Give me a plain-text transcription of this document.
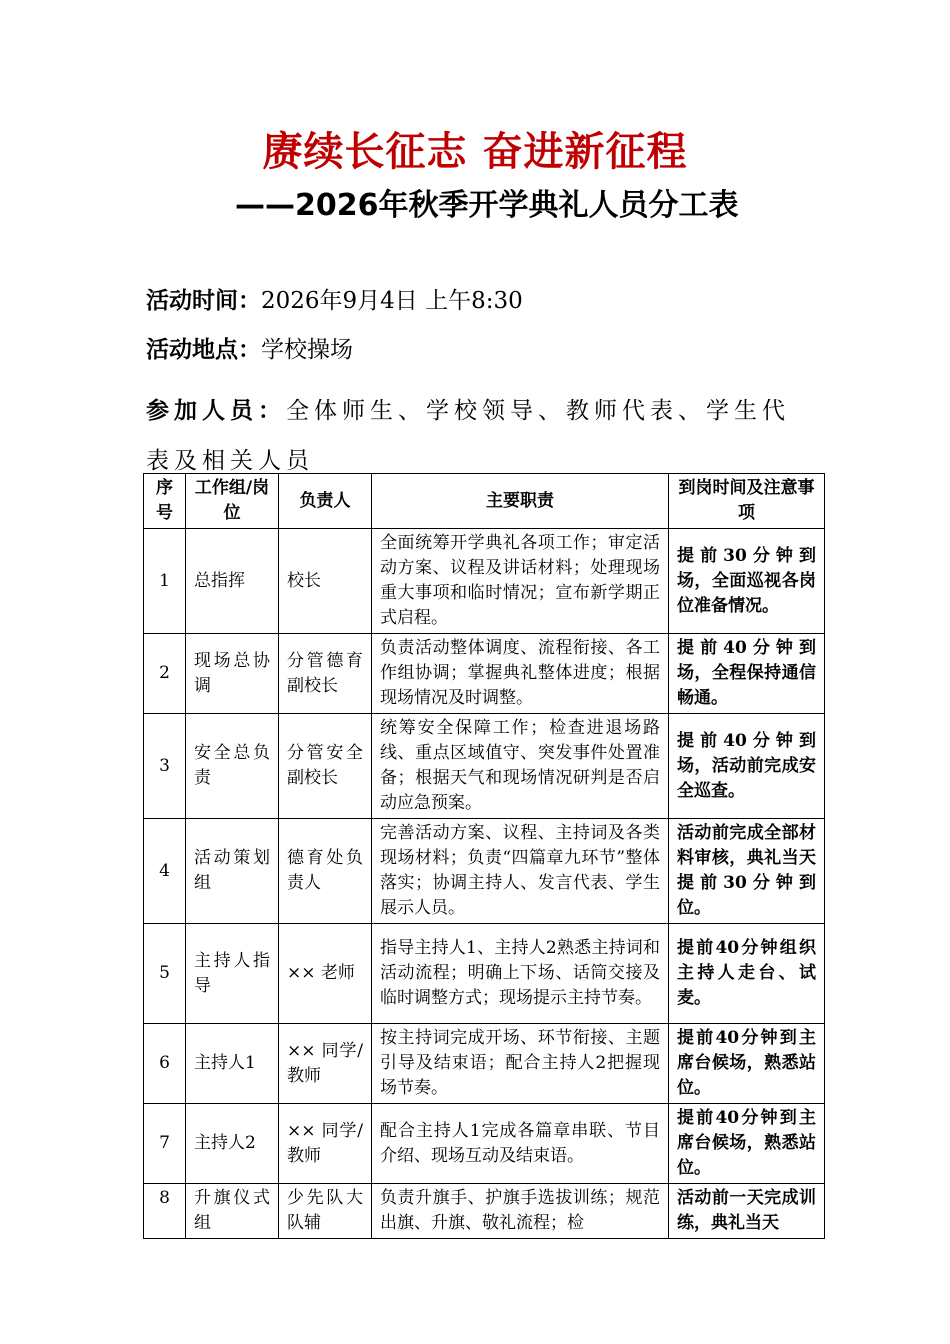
赓续长征志 奋进新征程
——2026年秋季开学典礼人员分工表
活动时间：2026年9月4日 上午8:30
活动地点：学校操场
参加人员：全体师生、学校领导、教师代表、学生代表及相关人员
序号	工作组/岗位	负责人	主要职责	到岗时间及注意事项
1	总指挥	校长	全面统筹开学典礼各项工作；审定活动方案、议程及讲话材料；处理现场重大事项和临时情况；宣布新学期正式启程。	提前30分钟到场，全面巡视各岗位准备情况。
2	现场总协调	分管德育副校长	负责活动整体调度、流程衔接、各工作组协调；掌握典礼整体进度；根据现场情况及时调整。	提前40分钟到场，全程保持通信畅通。
3	安全总负责	分管安全副校长	统筹安全保障工作；检查进退场路线、重点区域值守、突发事件处置准备；根据天气和现场情况研判是否启动应急预案。	提前40分钟到场，活动前完成安全巡查。
4	活动策划组	德育处负责人	完善活动方案、议程、主持词及各类现场材料；负责“四篇章九环节”整体落实；协调主持人、发言代表、学生展示人员。	活动前完成全部材料审核，典礼当天提前30分钟到位。
5	主持人指导	×× 老师	指导主持人1、主持人2熟悉主持词和活动流程；明确上下场、话筒交接及临时调整方式；现场提示主持节奏。	提前40分钟组织主持人走台、试麦。
6	主持人1	×× 同学/教师	按主持词完成开场、环节衔接、主题引导及结束语；配合主持人2把握现场节奏。	提前40分钟到主席台候场，熟悉站位。
7	主持人2	×× 同学/教师	配合主持人1完成各篇章串联、节目介绍、现场互动及结束语。	提前40分钟到主席台候场，熟悉站位。
8	升旗仪式组	少先队大队辅	负责升旗手、护旗手选拔训练；规范出旗、升旗、敬礼流程；检	活动前一天完成训练，典礼当天
